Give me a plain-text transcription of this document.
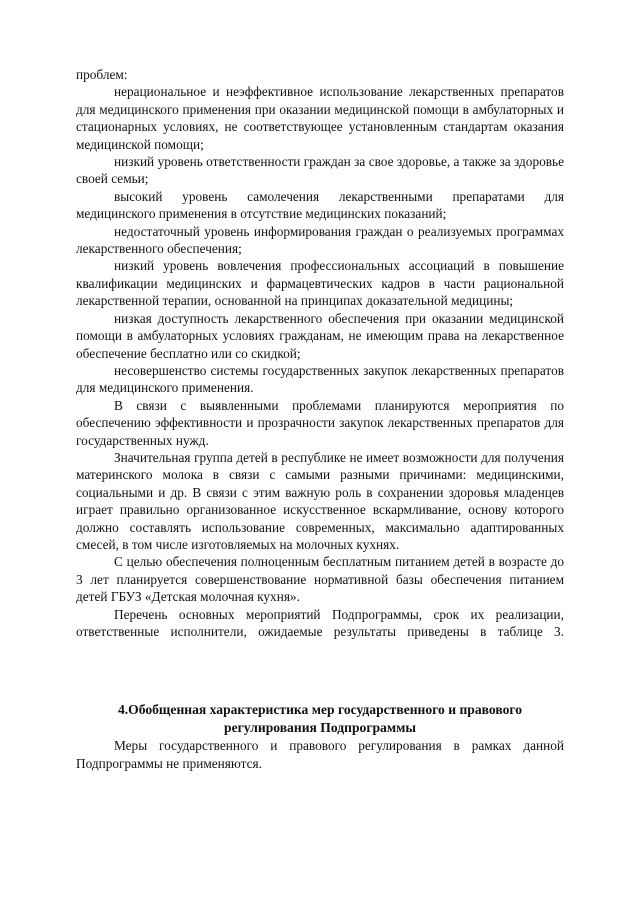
проблем:

нерациональное и неэффективное использование лекарственных препаратов для медицинского применения при оказании медицинской помощи в амбулаторных и стационарных условиях, не соответствующее установленным стандартам оказания медицинской помощи;

низкий уровень ответственности граждан за свое здоровье, а также за здоровье своей семьи;

высокий уровень самолечения лекарственными препаратами для медицинского применения в отсутствие медицинских показаний;

недостаточный уровень информирования граждан о реализуемых программах лекарственного обеспечения;

низкий уровень вовлечения профессиональных ассоциаций в повышение квалификации медицинских и фармацевтических кадров в части рациональной лекарственной терапии, основанной на принципах доказательной медицины;

низкая доступность лекарственного обеспечения при оказании медицинской помощи в амбулаторных условиях гражданам, не имеющим права на лекарственное обеспечение бесплатно или со скидкой;

несовершенство системы государственных закупок лекарственных препаратов для медицинского применения.

В связи с выявленными проблемами планируются мероприятия по обеспечению эффективности и прозрачности закупок лекарственных препаратов для государственных нужд.

Значительная группа детей в республике не имеет возможности для получения материнского молока в связи с самыми разными причинами: медицинскими, социальными и др. В связи с этим важную роль в сохранении здоровья младенцев играет правильно организованное искусственное вскармливание, основу которого должно составлять использование современных, максимально адаптированных смесей, в том числе изготовляемых на молочных кухнях.

С целью обеспечения полноценным бесплатным питанием детей в возрасте до 3 лет планируется совершенствование нормативной базы обеспечения питанием детей ГБУЗ «Детская молочная кухня».

Перечень основных мероприятий Подпрограммы, срок их реализации, ответственные исполнители, ожидаемые результаты приведены в таблице 3.

4.Обобщенная характеристика мер государственного и правового
регулирования Подпрограммы

Меры государственного и правового регулирования в рамках данной Подпрограммы не применяются.
